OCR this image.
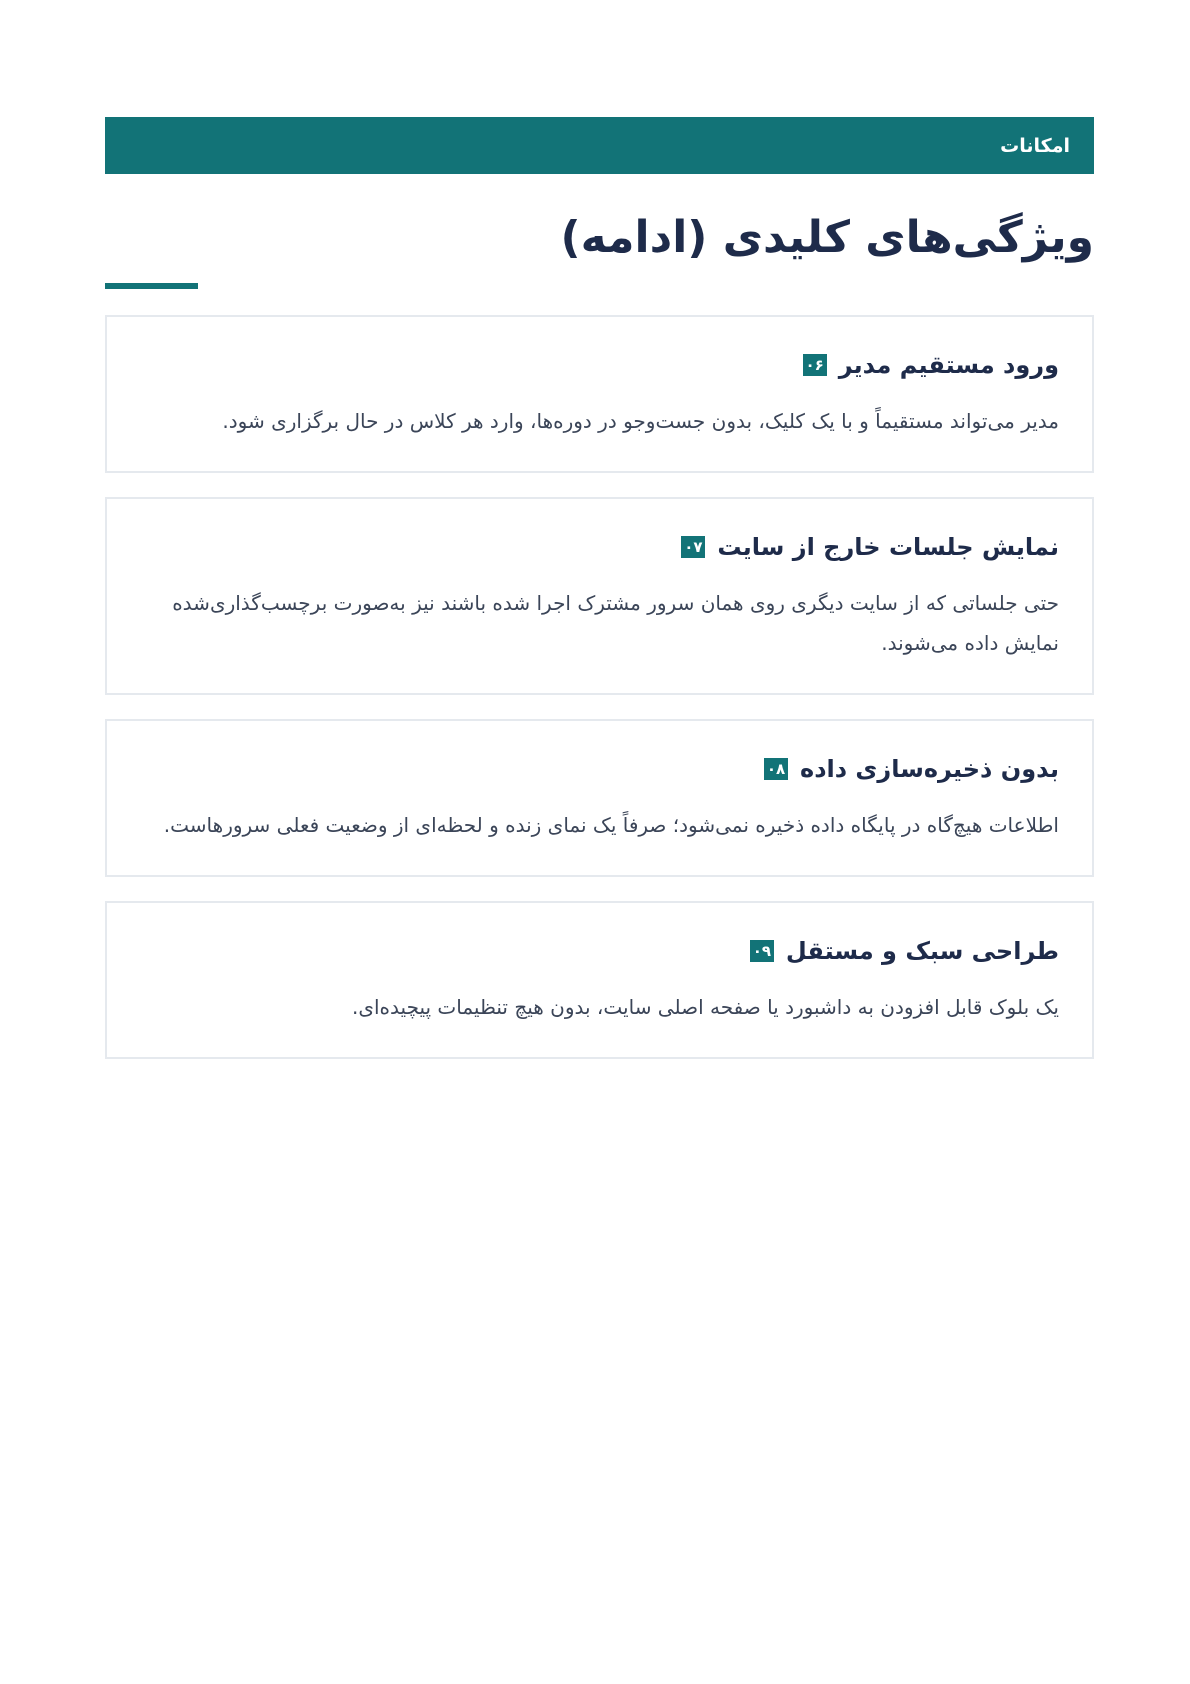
امکانات
ویژگی‌های کلیدی (ادامه)
ورود مستقیم مدیر
۰۶
مدیر می‌تواند مستقیماً و با یک کلیک، بدون جست‌وجو در دوره‌ها، وارد هر کلاس در حال برگزاری شود.
نمایش جلسات خارج از سایت
۰۷
حتی جلساتی که از سایت دیگری روی همان سرور مشترک اجرا شده باشند نیز به‌صورت برچسب‌گذاری‌شده نمایش داده می‌شوند.
بدون ذخیره‌سازی داده
۰۸
اطلاعات هیچ‌گاه در پایگاه داده ذخیره نمی‌شود؛ صرفاً یک نمای زنده و لحظه‌ای از وضعیت فعلی سرورهاست.
طراحی سبک و مستقل
۰۹
یک بلوک قابل افزودن به داشبورد یا صفحه اصلی سایت، بدون هیچ تنظیمات پیچیده‌ای.
